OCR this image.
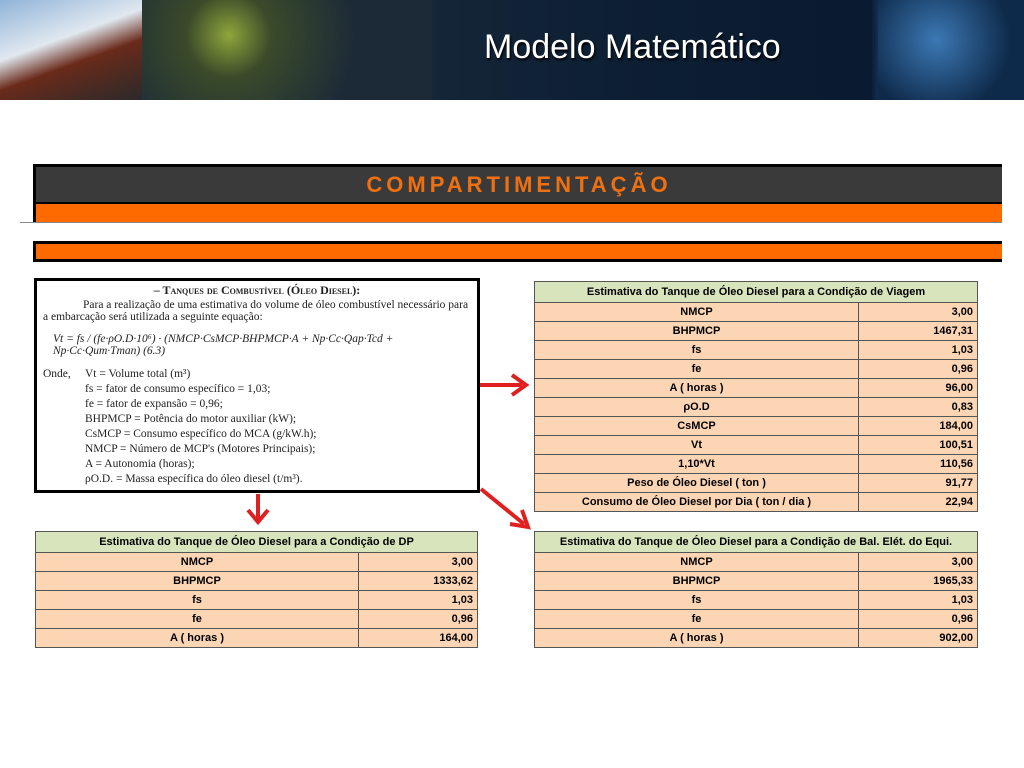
Modelo Matemático
COMPARTIMENTAÇÃO
– Tanques de Combustível (Óleo Diesel):

Para a realização de uma estimativa do volume de óleo combustível necessário para a embarcação será utilizada a seguinte equação:

Vt = fs / (fe·ρO.D·10⁶) · (NMCP·CsMCP·BHPMCP·A + Np·Cc·Qap·Tcd + Np·Cc·Qum·Tman) (6.3)

Onde, Vt = Volume total (m³)
fs = fator de consumo específico = 1,03;
fe = fator de expansão = 0,96;
BHPMCP = Potência do motor auxiliar (kW);
CsMCP = Consumo específico do MCA (g/kW.h);
NMCP = Número de MCP's (Motores Principais);
A = Autonomia (horas);
ρO.D. = Massa específica do óleo diesel (t/m³).
Estimativa do Tanque de Óleo Diesel para a Condição de Viagem	
NMCP	3,00
BHPMCP	1467,31
fs	1,03
fe	0,96
A ( horas )	96,00
ρO.D	0,83
CsMCP	184,00
Vt	100,51
1,10*Vt	110,56
Peso de Óleo Diesel ( ton )	91,77
Consumo de Óleo Diesel por Dia ( ton / dia )	22,94
Estimativa do Tanque de Óleo Diesel para a Condição de DP	
NMCP	3,00
BHPMCP	1333,62
fs	1,03
fe	0,96
A ( horas )	164,00
Estimativa do Tanque de Óleo Diesel para a Condição de Bal. Elét. do Equi.	
NMCP	3,00
BHPMCP	1965,33
fs	1,03
fe	0,96
A ( horas )	902,00
